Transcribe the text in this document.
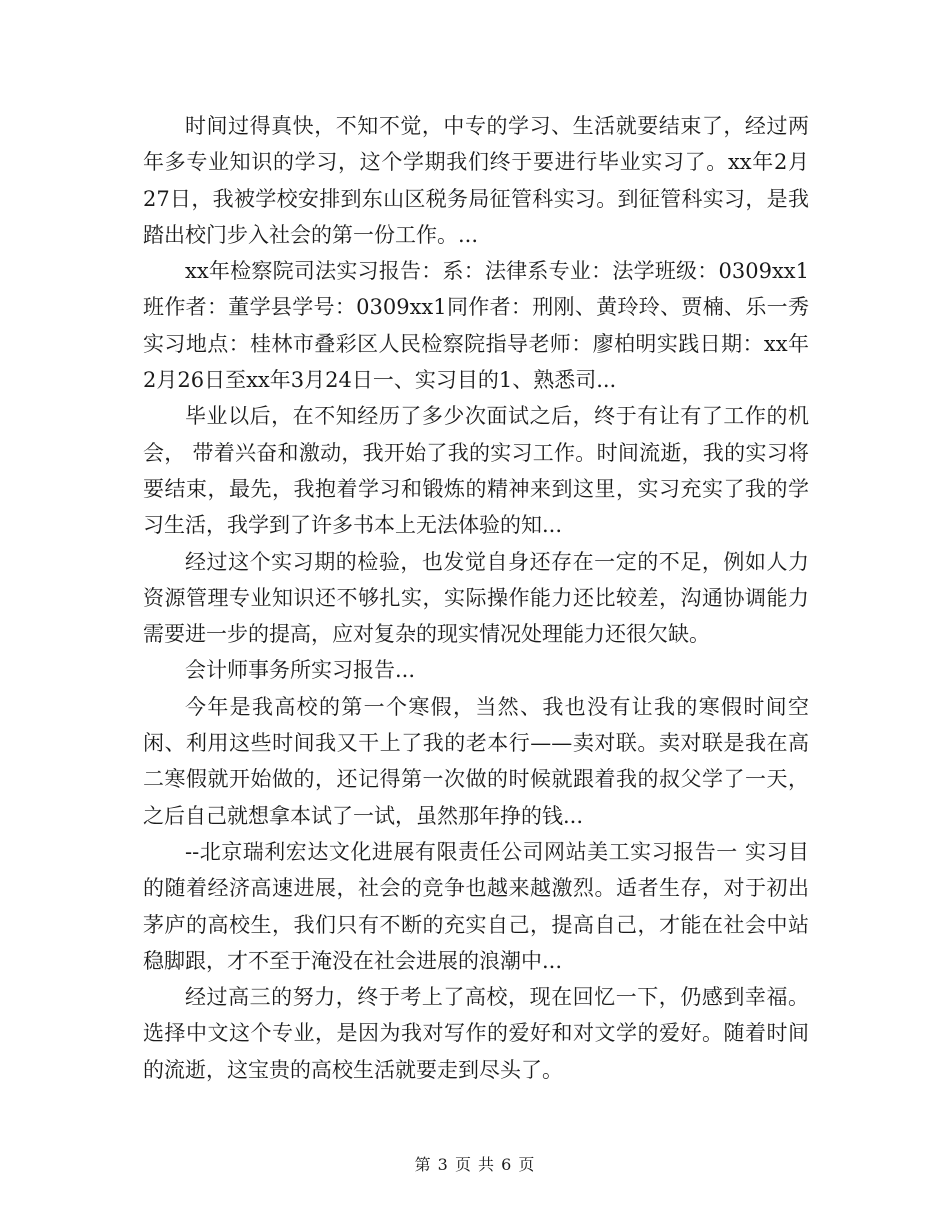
时间过得真快，不知不觉，中专的学习、生活就要结束了，经过两年多专业知识的学习，这个学期我们终于要进行毕业实习了。xx年2月27日，我被学校安排到东山区税务局征管科实习。到征管科实习，是我踏出校门步入社会的第一份工作。...

xx年检察院司法实习报告：系：法律系专业：法学班级：0309xx1班作者：董学县学号：0309xx1同作者：刑刚、黄玲玲、贾楠、乐一秀实习地点：桂林市叠彩区人民检察院指导老师：廖柏明实践日期：xx年2月26日至xx年3月24日一、实习目的1、熟悉司...

毕业以后，在不知经历了多少次面试之后，终于有让有了工作的机会， 带着兴奋和激动，我开始了我的实习工作。时间流逝，我的实习将要结束，最先，我抱着学习和锻炼的精神来到这里，实习充实了我的学习生活，我学到了许多书本上无法体验的知...

经过这个实习期的检验，也发觉自身还存在一定的不足，例如人力资源管理专业知识还不够扎实，实际操作能力还比较差，沟通协调能力需要进一步的提高，应对复杂的现实情况处理能力还很欠缺。

会计师事务所实习报告...

今年是我高校的第一个寒假，当然、我也没有让我的寒假时间空闲、利用这些时间我又干上了我的老本行——卖对联。卖对联是我在高二寒假就开始做的，还记得第一次做的时候就跟着我的叔父学了一天，之后自己就想拿本试了一试，虽然那年挣的钱...

--北京瑞利宏达文化进展有限责任公司网站美工实习报告一 实习目的随着经济高速进展，社会的竞争也越来越激烈。适者生存，对于初出茅庐的高校生，我们只有不断的充实自己，提高自己，才能在社会中站稳脚跟，才不至于淹没在社会进展的浪潮中...

经过高三的努力，终于考上了高校，现在回忆一下，仍感到幸福。选择中文这个专业，是因为我对写作的爱好和对文学的爱好。随着时间的流逝，这宝贵的高校生活就要走到尽头了。

第 3 页 共 6 页
